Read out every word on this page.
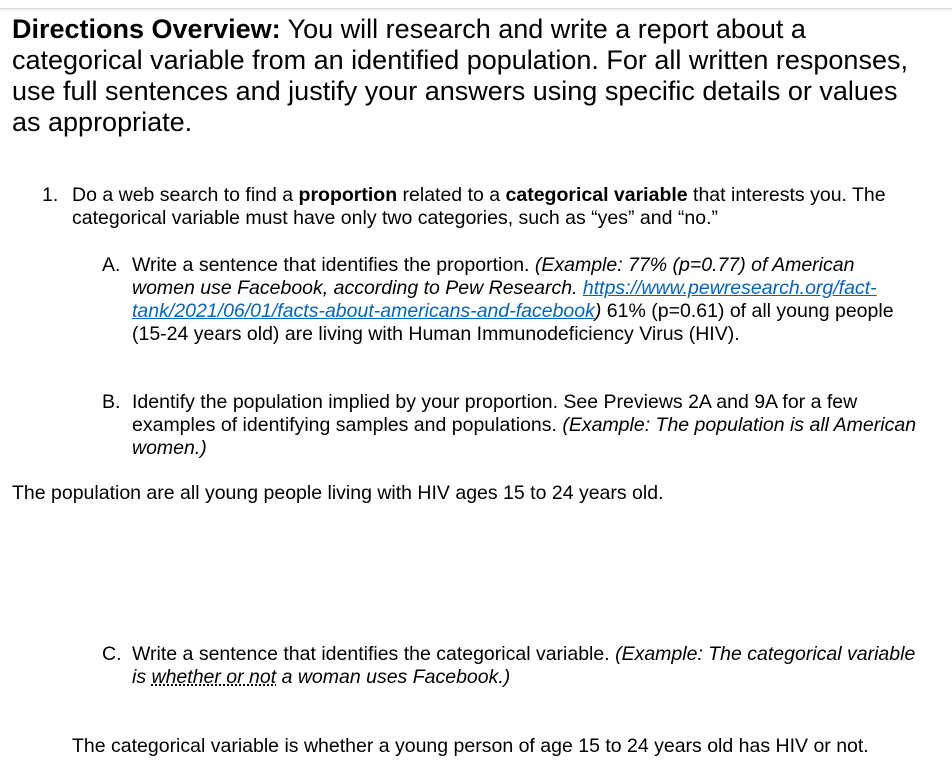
Directions Overview: You will research and write a report about a categorical variable from an identified population. For all written responses, use full sentences and justify your answers using specific details or values as appropriate.

1. Do a web search to find a proportion related to a categorical variable that interests you. The categorical variable must have only two categories, such as “yes” and “no.”
A. Write a sentence that identifies the proportion. (Example: 77% (p=0.77) of American women use Facebook, according to Pew Research. https://www.pewresearch.org/fact-tank/2021/06/01/facts-about-americans-and-facebook) 61% (p=0.61) of all young people (15-24 years old) are living with Human Immunodeficiency Virus (HIV).
B. Identify the population implied by your proportion. See Previews 2A and 9A for a few examples of identifying samples and populations. (Example: The population is all American women.)
The population are all young people living with HIV ages 15 to 24 years old.
C. Write a sentence that identifies the categorical variable. (Example: The categorical variable is whether or not a woman uses Facebook.)
The categorical variable is whether a young person of age 15 to 24 years old has HIV or not.
